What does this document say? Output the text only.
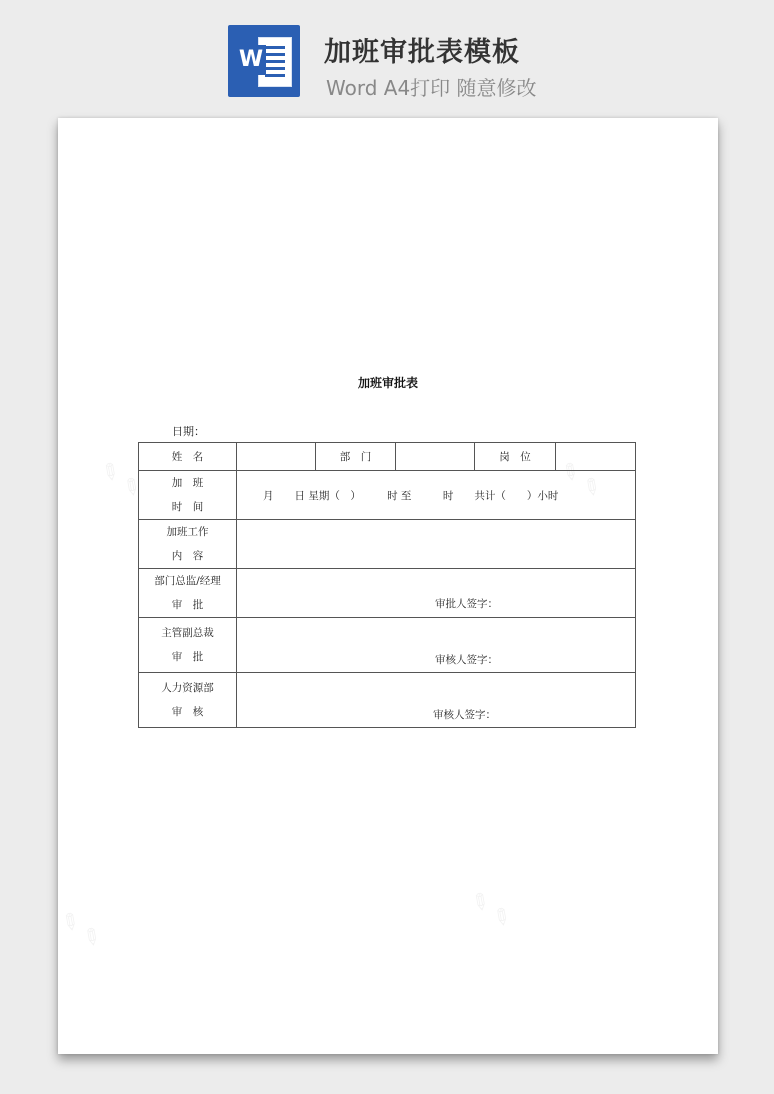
W 加班审批表模板
Word A4打印 随意修改
✎ ✎	✎ ✎
✎ ✎	✎ ✎
加班审批表
日期：
姓　名		部　门		岗　位	

加　班
时　间	月　　日 星期（　）　　　时 至　　　时　　共计（　　）小时				

加班工作
内　容					

部门总监/经理
审　批	审批人签字：				

主管副总裁
审　批	审核人签字：				

人力资源部
审　核	审核人签字：				
